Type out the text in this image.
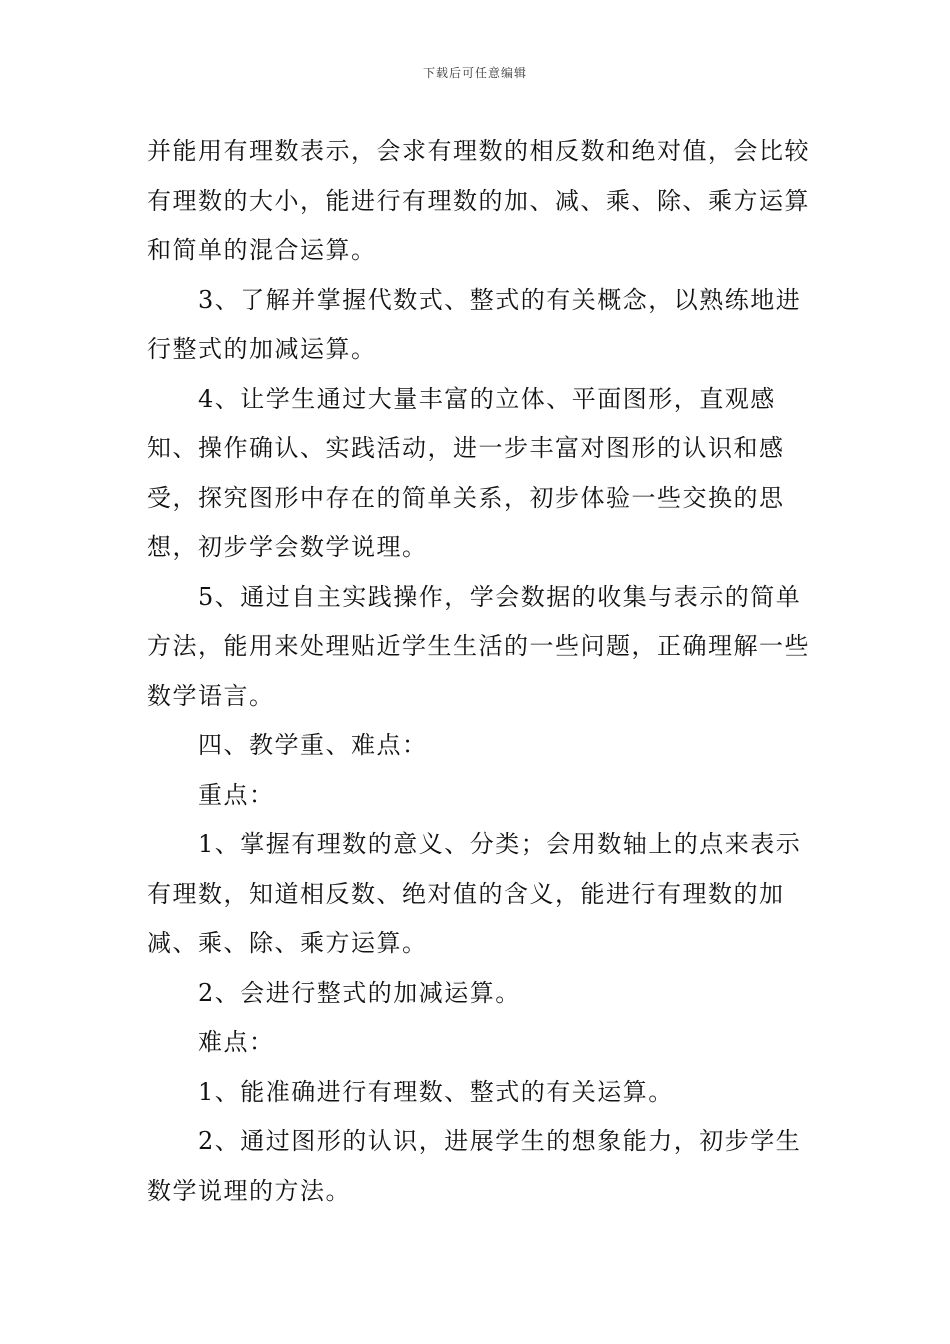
下载后可任意编辑

并能用有理数表示，会求有理数的相反数和绝对值，会比较有理数的大小，能进行有理数的加、减、乘、除、乘方运算和简单的混合运算。

3、了解并掌握代数式、整式的有关概念，以熟练地进行整式的加减运算。

4、让学生通过大量丰富的立体、平面图形，直观感知、操作确认、实践活动，进一步丰富对图形的认识和感受，探究图形中存在的简单关系，初步体验一些交换的思想，初步学会数学说理。

5、通过自主实践操作，学会数据的收集与表示的简单方法，能用来处理贴近学生生活的一些问题，正确理解一些数学语言。

四、教学重、难点：

重点：

1、掌握有理数的意义、分类；会用数轴上的点来表示有理数，知道相反数、绝对值的含义，能进行有理数的加减、乘、除、乘方运算。

2、会进行整式的加减运算。

难点：

1、能准确进行有理数、整式的有关运算。

2、通过图形的认识，进展学生的想象能力，初步学生数学说理的方法。
